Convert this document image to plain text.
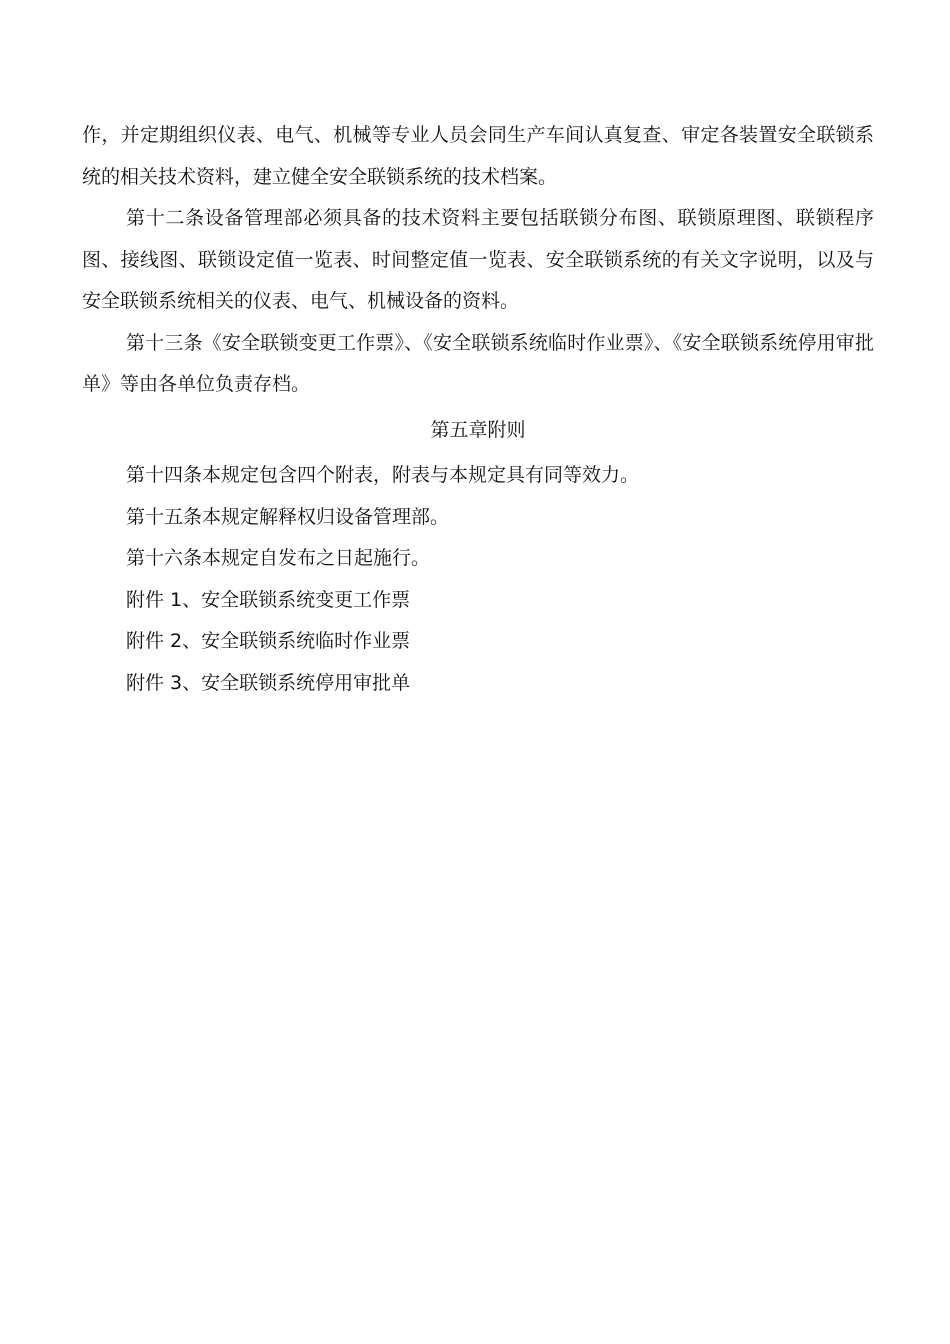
作，并定期组织仪表、电气、机械等专业人员会同生产车间认真复查、审定各装置安全联锁系统的相关技术资料，建立健全安全联锁系统的技术档案。

第十二条设备管理部必须具备的技术资料主要包括联锁分布图、联锁原理图、联锁程序图、接线图、联锁设定值一览表、时间整定值一览表、安全联锁系统的有关文字说明，以及与安全联锁系统相关的仪表、电气、机械设备的资料。

第十三条《安全联锁变更工作票》、《安全联锁系统临时作业票》、《安全联锁系统停用审批单》等由各单位负责存档。

第五章附则

第十四条本规定包含四个附表，附表与本规定具有同等效力。

第十五条本规定解释权归设备管理部。

第十六条本规定自发布之日起施行。

附件 1、安全联锁系统变更工作票

附件 2、安全联锁系统临时作业票

附件 3、安全联锁系统停用审批单
